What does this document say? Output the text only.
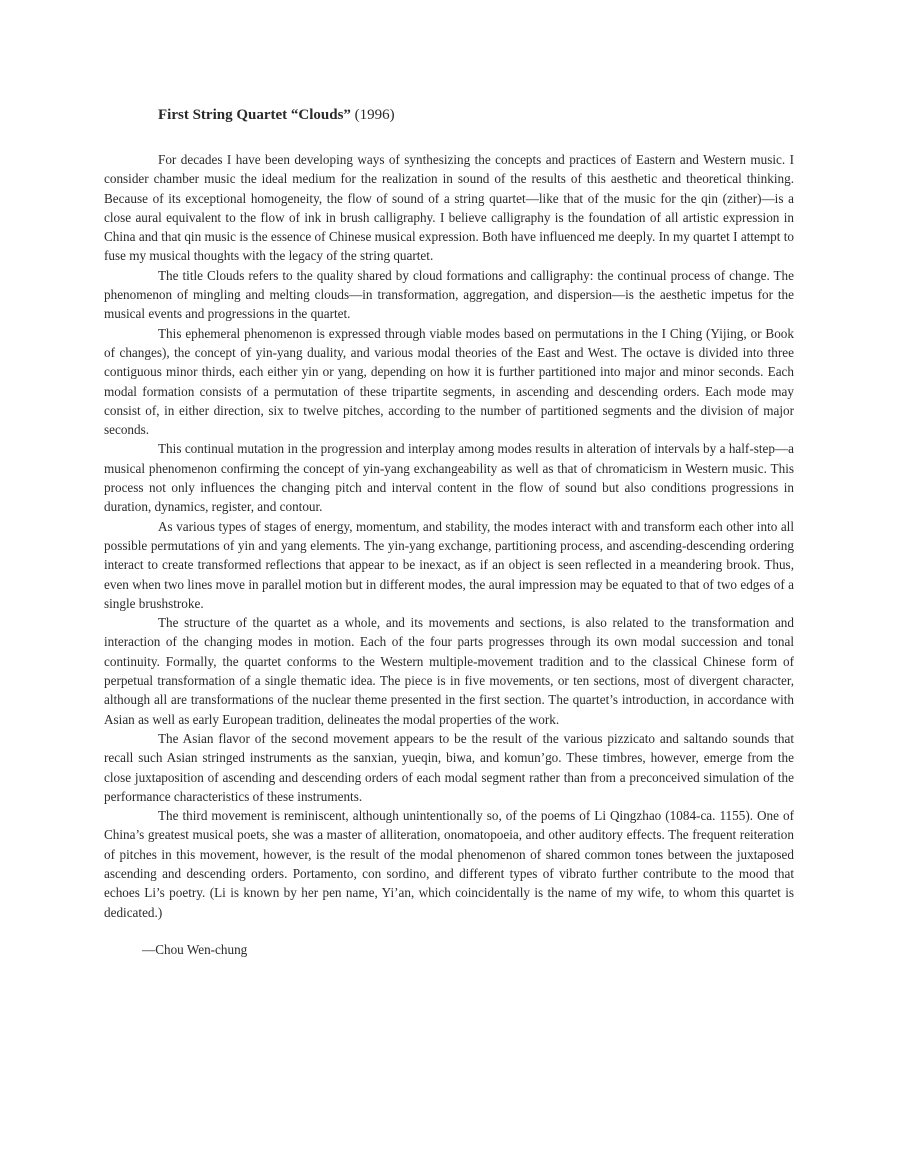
First String Quartet “Clouds” (1996)

For decades I have been developing ways of synthesizing the concepts and practices of Eastern and Western music. I consider chamber music the ideal medium for the realization in sound of the results of this aesthetic and theoretical thinking. Because of its exceptional homogeneity, the flow of sound of a string quartet—like that of the music for the qin (zither)—is a close aural equivalent to the flow of ink in brush calligraphy. I believe calligraphy is the foundation of all artistic expression in China and that qin music is the essence of Chinese musical expression. Both have influenced me deeply. In my quartet I attempt to fuse my musical thoughts with the legacy of the string quartet.

The title Clouds refers to the quality shared by cloud formations and calligraphy: the continual process of change. The phenomenon of mingling and melting clouds—in transformation, aggregation, and dispersion—is the aesthetic impetus for the musical events and progressions in the quartet.

This ephemeral phenomenon is expressed through viable modes based on permutations in the I Ching (Yijing, or Book of changes), the concept of yin-yang duality, and various modal theories of the East and West. The octave is divided into three contiguous minor thirds, each either yin or yang, depending on how it is further partitioned into major and minor seconds. Each modal formation consists of a permutation of these tripartite segments, in ascending and descending orders. Each mode may consist of, in either direction, six to twelve pitches, according to the number of partitioned segments and the division of major seconds.

This continual mutation in the progression and interplay among modes results in alteration of intervals by a half-step—a musical phenomenon confirming the concept of yin-yang exchangeability as well as that of chromaticism in Western music. This process not only influences the changing pitch and interval content in the flow of sound but also conditions progressions in duration, dynamics, register, and contour.

As various types of stages of energy, momentum, and stability, the modes interact with and transform each other into all possible permutations of yin and yang elements. The yin-yang exchange, partitioning process, and ascending-descending ordering interact to create transformed reflections that appear to be inexact, as if an object is seen reflected in a meandering brook. Thus, even when two lines move in parallel motion but in different modes, the aural impression may be equated to that of two edges of a single brushstroke.

The structure of the quartet as a whole, and its movements and sections, is also related to the transformation and interaction of the changing modes in motion. Each of the four parts progresses through its own modal succession and tonal continuity. Formally, the quartet conforms to the Western multiple-movement tradition and to the classical Chinese form of perpetual transformation of a single thematic idea. The piece is in five movements, or ten sections, most of divergent character, although all are transformations of the nuclear theme presented in the first section. The quartet’s introduction, in accordance with Asian as well as early European tradition, delineates the modal properties of the work.

The Asian flavor of the second movement appears to be the result of the various pizzicato and saltando sounds that recall such Asian stringed instruments as the sanxian, yueqin, biwa, and komun’go. These timbres, however, emerge from the close juxtaposition of ascending and descending orders of each modal segment rather than from a preconceived simulation of the performance characteristics of these instruments.

The third movement is reminiscent, although unintentionally so, of the poems of Li Qingzhao (1084-ca. 1155). One of China’s greatest musical poets, she was a master of alliteration, onomatopoeia, and other auditory effects. The frequent reiteration of pitches in this movement, however, is the result of the modal phenomenon of shared common tones between the juxtaposed ascending and descending orders. Portamento, con sordino, and different types of vibrato further contribute to the mood that echoes Li’s poetry. (Li is known by her pen name, Yi’an, which coincidentally is the name of my wife, to whom this quartet is dedicated.)

—Chou Wen-chung
